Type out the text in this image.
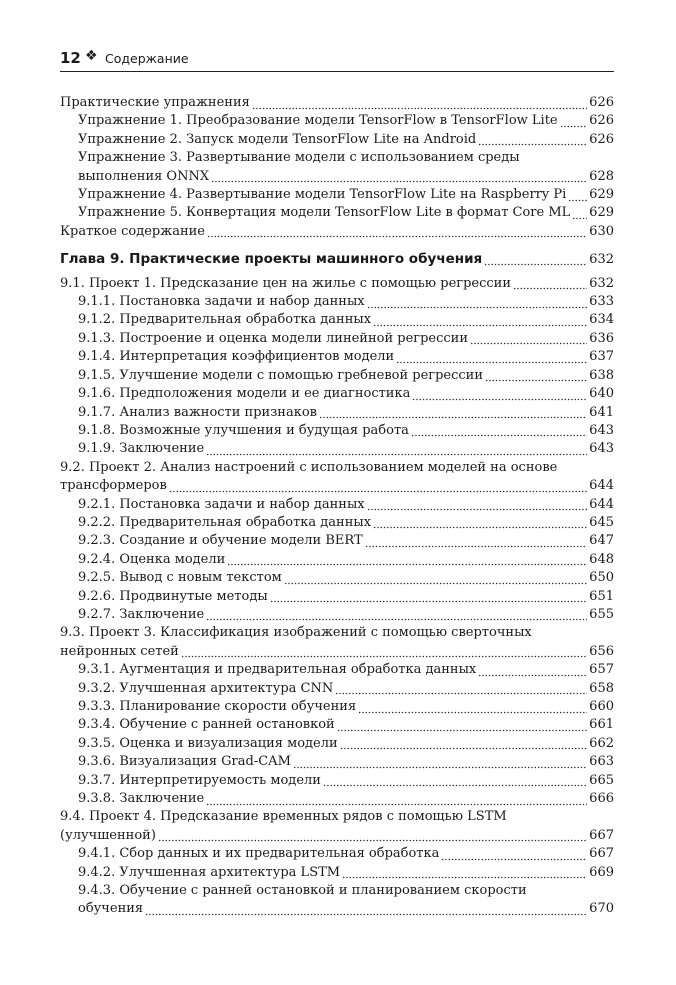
12 ❖ Содержание
Практические упражнения	626
Упражнение 1. Преобразование модели TensorFlow в TensorFlow Lite 626
Упражнение 2. Запуск модели TensorFlow Lite на Android	626
Упражнение 3. Развертывание модели с использованием среды
выполнения ONNX	628
Упражнение 4. Развертывание модели TensorFlow Lite на Raspberry Pi 629
Упражнение 5. Конвертация модели TensorFlow Lite в формат Core ML 629
Краткое содержание	630
Глава 9. Практические проекты машинного обучения	632
9.1. Проект 1. Предсказание цен на жилье с помощью регрессии	632
9.1.1. Постановка задачи и набор данных	633
9.1.2. Предварительная обработка данных	634
9.1.3. Построение и оценка модели линейной регрессии	636
9.1.4. Интерпретация коэффициентов модели	637
9.1.5. Улучшение модели с помощью гребневой регрессии	638
9.1.6. Предположения модели и ее диагностика	640
9.1.7. Анализ важности признаков	641
9.1.8. Возможные улучшения и будущая работа	643
9.1.9. Заключение	643
9.2. Проект 2. Анализ настроений с использованием моделей на основе
трансформеров	644
9.2.1. Постановка задачи и набор данных	644
9.2.2. Предварительная обработка данных	645
9.2.3. Создание и обучение модели BERT	647
9.2.4. Оценка модели	648
9.2.5. Вывод с новым текстом	650
9.2.6. Продвинутые методы	651
9.2.7. Заключение	655
9.3. Проект 3. Классификация изображений с помощью сверточных
нейронных сетей	656
9.3.1. Аугментация и предварительная обработка данных	657
9.3.2. Улучшенная архитектура CNN	658
9.3.3. Планирование скорости обучения	660
9.3.4. Обучение с ранней остановкой	661
9.3.5. Оценка и визуализация модели	662
9.3.6. Визуализация Grad-CAM	663
9.3.7. Интерпретируемость модели	665
9.3.8. Заключение	666
9.4. Проект 4. Предсказание временных рядов с помощью LSTM
(улучшенной)	667
9.4.1. Сбор данных и их предварительная обработка	667
9.4.2. Улучшенная архитектура LSTM	669
9.4.3. Обучение с ранней остановкой и планированием скорости
обучения	670
